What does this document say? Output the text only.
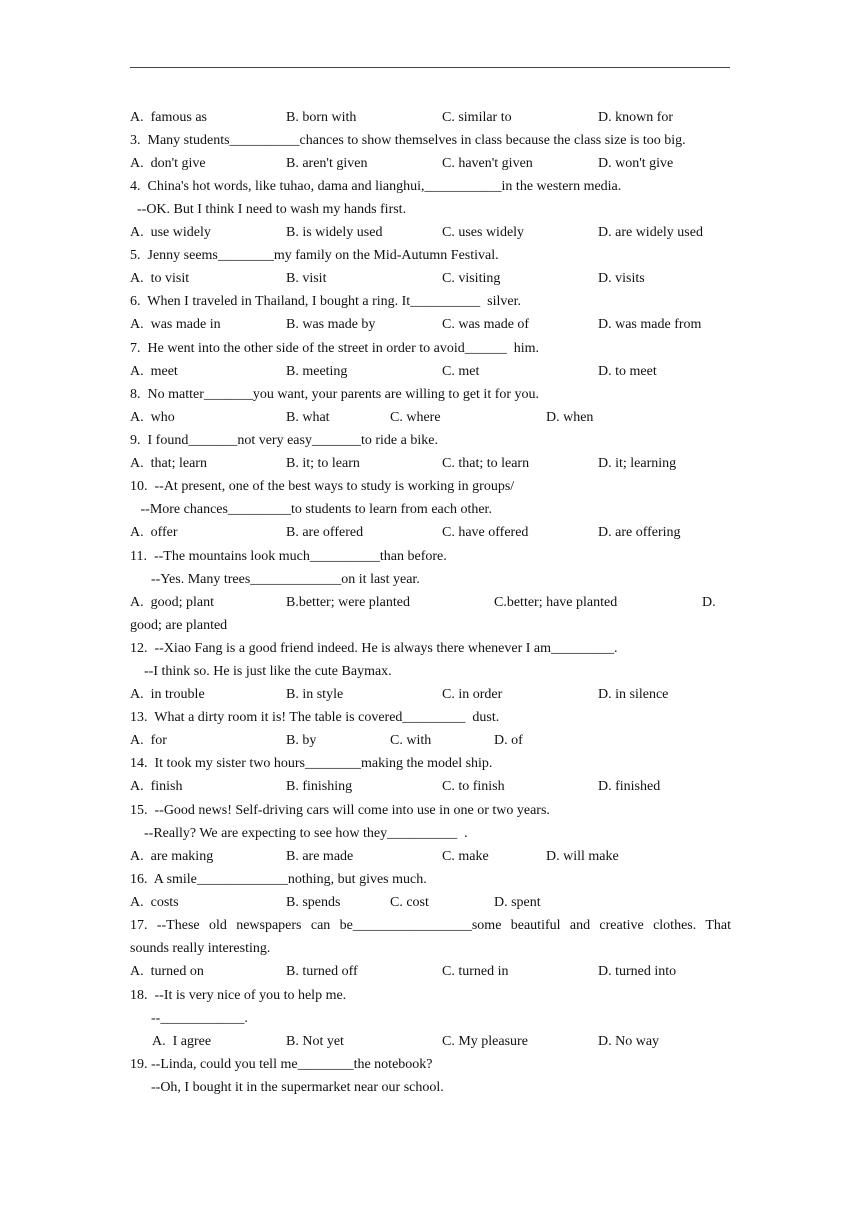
A.  famous as	B. born with	C. similar to	D. known for
3.  Many students__________chances to show themselves in class because the class size is too big.
A.  don't give	B. aren't given	C. haven't given	D. won't give
4.  China's hot words, like tuhao, dama and lianghui,___________in the western media.
--OK. But I think I need to wash my hands first.
A.  use widely	B. is widely used	C. uses widely	D. are widely used
5.  Jenny seems________my family on the Mid-Autumn Festival.
A.  to visit	B. visit	C. visiting	D. visits
6.  When I traveled in Thailand, I bought a ring. It__________  silver.
A.  was made in	B. was made by	C. was made of	D. was made from
7.  He went into the other side of the street in order to avoid______  him.
A.  meet	B. meeting	C. met	D. to meet
8.  No matter_______you want, your parents are willing to get it for you.
A.  who	B. what	C. where	D. when
9.  I found_______not very easy_______to ride a bike.
A.  that; learn	B. it; to learn	C. that; to learn	D. it; learning
10.  --At present, one of the best ways to study is working in groups/
--More chances_________to students to learn from each other.
A.  offer	B. are offered	C. have offered	D. are offering
11.  --The mountains look much__________than before.
--Yes. Many trees_____________on it last year.
A.  good; plant	B.better; were planted	C.better; have planted	D.
good; are planted
12.  --Xiao Fang is a good friend indeed. He is always there whenever I am_________.
--I think so. He is just like the cute Baymax.
A.  in trouble	B. in style	C. in order	D. in silence
13.  What a dirty room it is! The table is covered_________  dust.
A.  for	B. by	C. with	D. of
14.  It took my sister two hours________making the model ship.
A.  finish	B. finishing	C. to finish	D. finished
15.  --Good news! Self-driving cars will come into use in one or two years.
--Really? We are expecting to see how they__________  .
A.  are making	B. are made	C. make	D. will make
16.  A smile_____________nothing, but gives much.
A.  costs	B. spends	C. cost	D. spent
17. --These old newspapers can be_________________some beautiful and creative clothes. That
sounds really interesting.
A.  turned on	B. turned off	C. turned in	D. turned into
18.  --It is very nice of you to help me.
--____________.
A.  I agree	B. Not yet	C. My pleasure	D. No way
19. --Linda, could you tell me________the notebook?
--Oh, I bought it in the supermarket near our school.
